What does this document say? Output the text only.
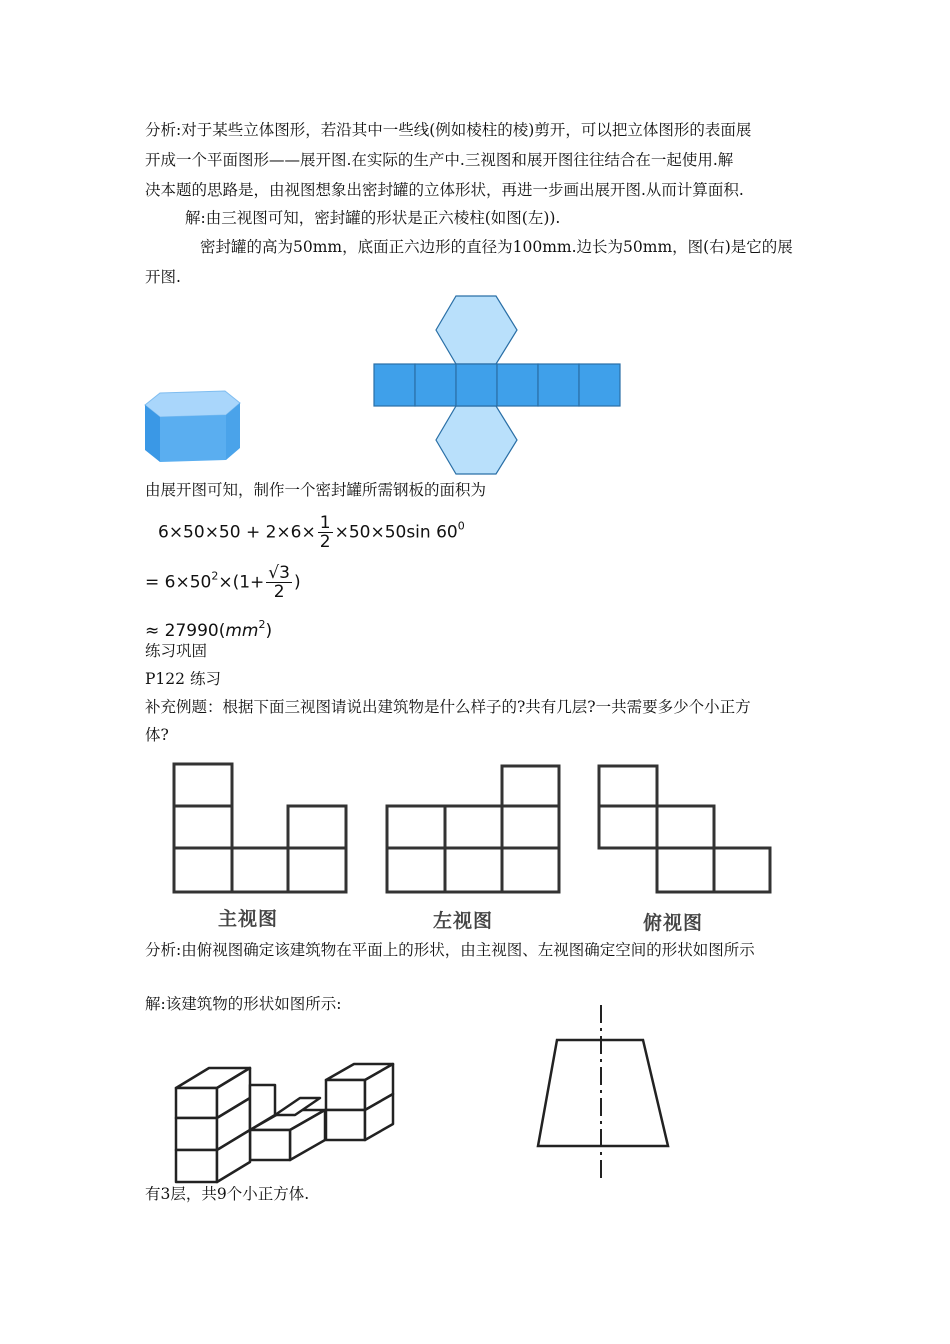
分析:对于某些立体图形，若沿其中一些线(例如棱柱的棱)剪开，可以把立体图形的表面展
开成一个平面图形——展开图.在实际的生产中.三视图和展开图往往结合在一起使用.解
决本题的思路是，由视图想象出密封罐的立体形状，再进一步画出展开图.从而计算面积.
解:由三视图可知，密封罐的形状是正六棱柱(如图(左)).
密封罐的高为50mm，底面正六边形的直径为100mm.边长为50mm，图(右)是它的展
开图.
由展开图可知，制作一个密封罐所需钢板的面积为
$6\times 50\times 50 + 2\times 6\times \frac{1}{2} \times 50\times 50\sin$ $60^0$
= $6\times 50^2\times(1+ \frac{√3}{2}$ )
≈ $27990(mm^2)$
练习巩固
P122 练习
补充例题：根据下面三视图请说出建筑物是什么样子的?共有几层?一共需要多少个小正方
体?
主视图	左视图	俯视图
分析:由俯视图确定该建筑物在平面上的形状，由主视图、左视图确定空间的形状如图所示
解:该建筑物的形状如图所示:
有3层，共9个小正方体.
